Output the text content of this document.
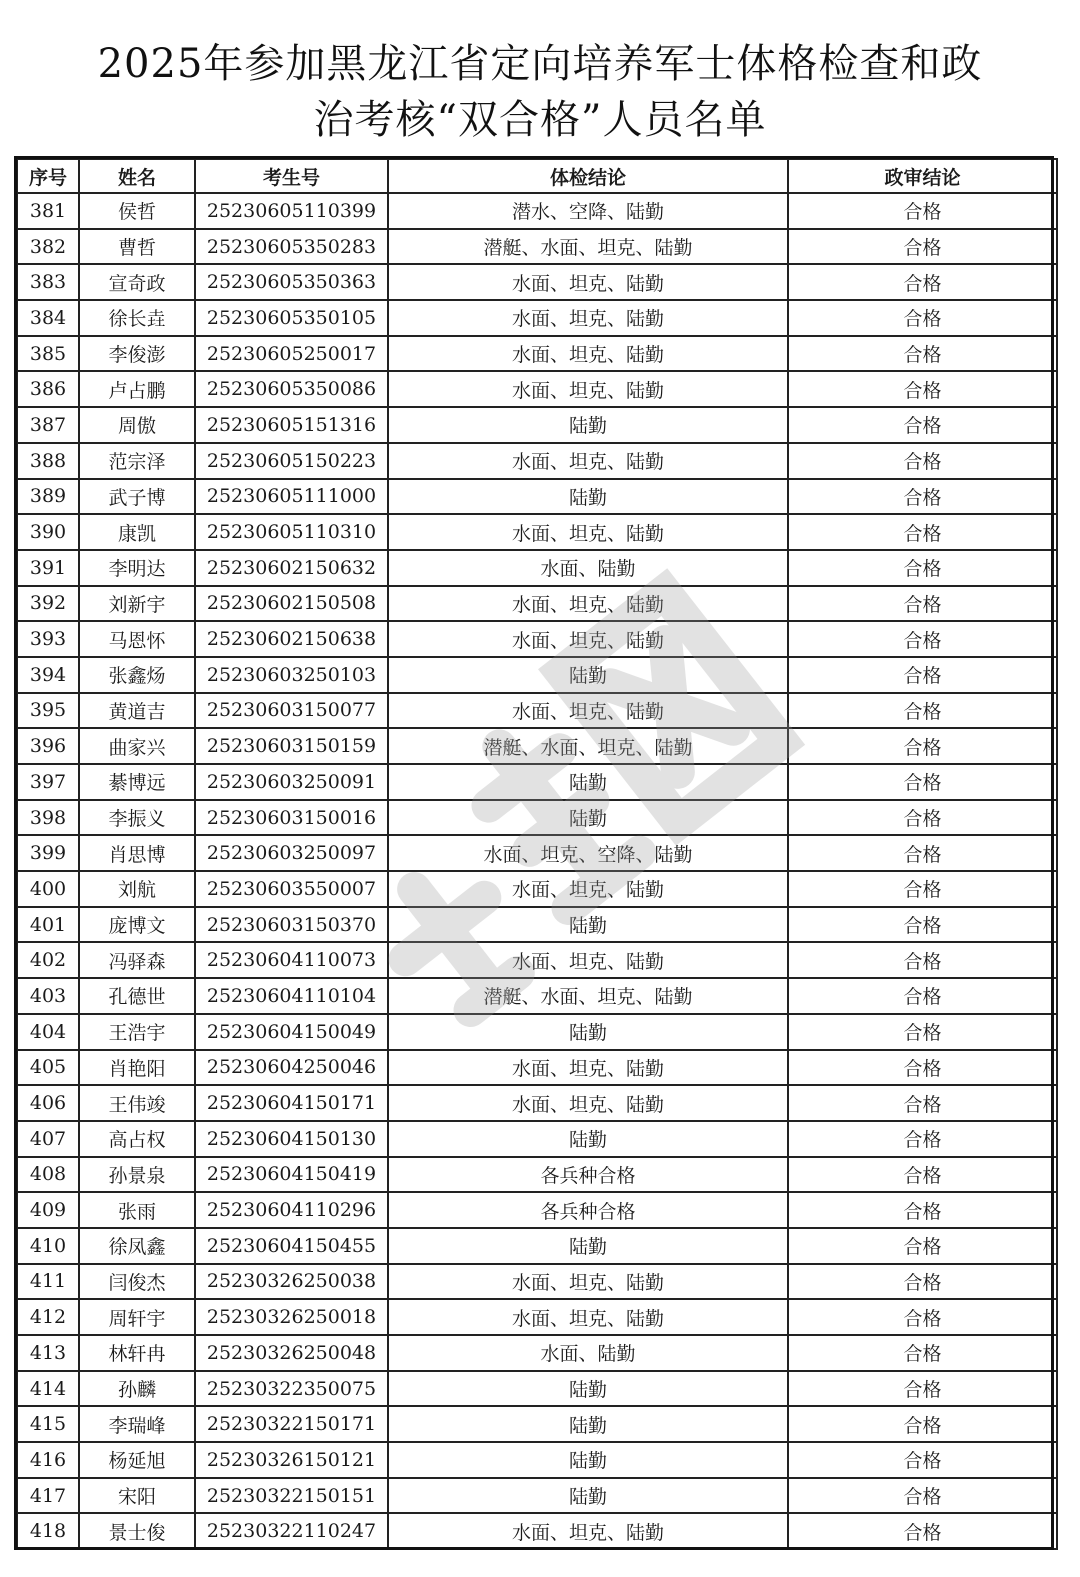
2025年参加黑龙江省定向培养军士体格检查和政
治考核“双合格”人员名单
序号	姓名	考生号	体检结论	政审结论
381	侯哲	25230605110399	潜水、空降、陆勤	合格
382	曹哲	25230605350283	潜艇、水面、坦克、陆勤	合格
383	宣奇政	25230605350363	水面、坦克、陆勤	合格
384	徐长垚	25230605350105	水面、坦克、陆勤	合格
385	李俊澎	25230605250017	水面、坦克、陆勤	合格
386	卢占鹏	25230605350086	水面、坦克、陆勤	合格
387	周傲	25230605151316	陆勤	合格
388	范宗泽	25230605150223	水面、坦克、陆勤	合格
389	武子博	25230605111000	陆勤	合格
390	康凯	25230605110310	水面、坦克、陆勤	合格
391	李明达	25230602150632	水面、陆勤	合格
392	刘新宇	25230602150508	水面、坦克、陆勤	合格
393	马恩怀	25230602150638	水面、坦克、陆勤	合格
394	张鑫炀	25230603250103	陆勤	合格
395	黄道吉	25230603150077	水面、坦克、陆勤	合格
396	曲家兴	25230603150159	潜艇、水面、坦克、陆勤	合格
397	綦博远	25230603250091	陆勤	合格
398	李振义	25230603150016	陆勤	合格
399	肖思博	25230603250097	水面、坦克、空降、陆勤	合格
400	刘航	25230603550007	水面、坦克、陆勤	合格
401	庞博文	25230603150370	陆勤	合格
402	冯驿森	25230604110073	水面、坦克、陆勤	合格
403	孔德世	25230604110104	潜艇、水面、坦克、陆勤	合格
404	王浩宇	25230604150049	陆勤	合格
405	肖艳阳	25230604250046	水面、坦克、陆勤	合格
406	王伟竣	25230604150171	水面、坦克、陆勤	合格
407	高占权	25230604150130	陆勤	合格
408	孙景泉	25230604150419	各兵种合格	合格
409	张雨	25230604110296	各兵种合格	合格
410	徐凤鑫	25230604150455	陆勤	合格
411	闫俊杰	25230326250038	水面、坦克、陆勤	合格
412	周轩宇	25230326250018	水面、坦克、陆勤	合格
413	林轩冉	25230326250048	水面、陆勤	合格
414	孙麟	25230322350075	陆勤	合格
415	李瑞峰	25230322150171	陆勤	合格
416	杨延旭	25230326150121	陆勤	合格
417	宋阳	25230322150151	陆勤	合格
418	景士俊	25230322110247	水面、坦克、陆勤	合格
